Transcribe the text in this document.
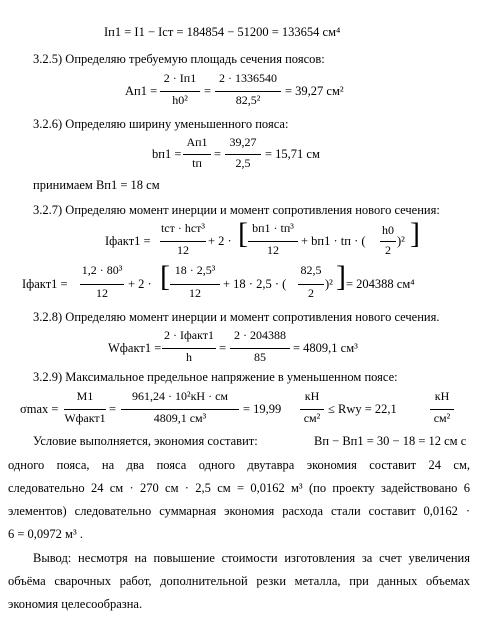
Iп1 = I1 − Iст = 184854 − 51200 = 133654 см⁴
3.2.5) Определяю требуемую площадь сечения поясов:
Aп1 =
2 · Iп1
h0²
=
2 · 1336540
82,5²
= 39,27 см²
3.2.6) Определяю ширину уменьшенного пояса:
bп1 =
Aп1
tп
=
39,27
2,5
= 15,71 см
принимаем Bп1 = 18 см
3.2.7) Определяю момент инерции и момент сопротивления нового сечения:
Iфакт1 =
tст · hст³
12
+ 2 · [ bп1 · tп³
12
+ bп1 · tп · (
h0
2
)² ]
Iфакт1 =
1,2 · 80³
12
+ 2 · [ 18 · 2,5³
12
+ 18 · 2,5 · (
82,5
2
)² ] = 204388 см⁴
3.2.8) Определяю момент инерции и момент сопротивления нового сечения.
Wфакт1 =
2 · Iфакт1
h
=
2 · 204388
85
= 4809,1 см³
3.2.9) Максимальное предельное напряжение в уменьшенном поясе:
σmax =
M1
Wфакт1
=
961,24 · 10²кН · см
4809,1 см³
= 19,99
кН
см²
≤ Rwy = 22,1
кН
см²
Условие выполняется, экономия составит:	Bп − Bп1 = 30 − 18 = 12 см с
одного пояса, на два пояса одного двутавра экономия составит 24 см,
следовательно 24 см · 270 см · 2,5 см = 0,0162 м³ (по проекту задействовано 6
элементов) следовательно суммарная экономия расхода стали составит 0,0162 ·
6 = 0,0972 м³ .
Вывод: несмотря на повышение стоимости изготовления за счет увеличения
объёма сварочных работ, дополнительной резки металла, при данных объемах
экономия целесообразна.
